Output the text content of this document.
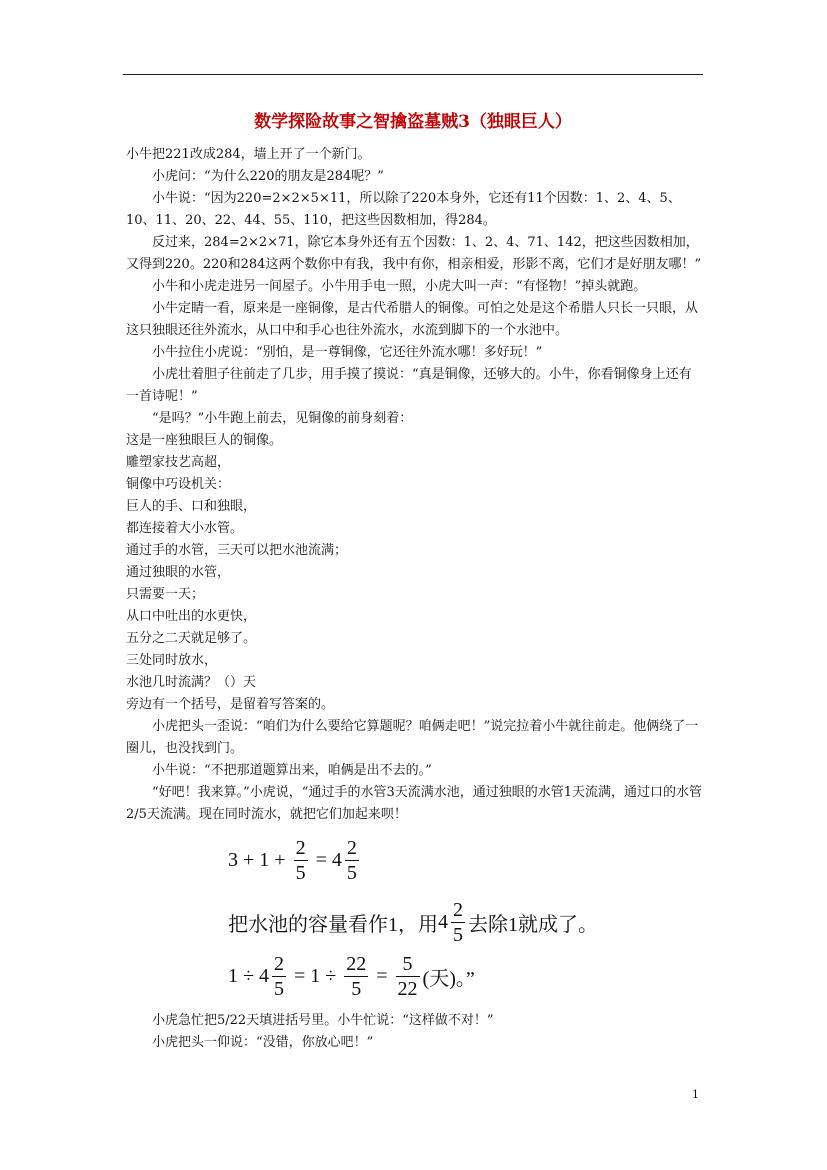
数学探险故事之智擒盗墓贼3（独眼巨人）

小牛把221改成284，墙上开了一个新门。

小虎问：“为什么220的朋友是284呢？”

小牛说：“因为220=2×2×5×11，所以除了220本身外，它还有11个因数：1、2、4、5、10、11、20、22、44、55、110，把这些因数相加，得284。

反过来，284=2×2×71，除它本身外还有五个因数：1、2、4、71、142，把这些因数相加，又得到220。220和284这两个数你中有我，我中有你，相亲相爱，形影不离，它们才是好朋友哪！”

小牛和小虎走进另一间屋子。小牛用手电一照，小虎大叫一声：“有怪物！”掉头就跑。

小牛定睛一看，原来是一座铜像，是古代希腊人的铜像。可怕之处是这个希腊人只长一只眼，从这只独眼还往外流水，从口中和手心也往外流水，水流到脚下的一个水池中。

小牛拉住小虎说：“别怕，是一尊铜像，它还往外流水哪！多好玩！”

小虎壮着胆子往前走了几步，用手摸了摸说：“真是铜像，还够大的。小牛，你看铜像身上还有一首诗呢！”

“是吗？”小牛跑上前去，见铜像的前身刻着：

这是一座独眼巨人的铜像。

雕塑家技艺高超，

铜像中巧设机关：

巨人的手、口和独眼，

都连接着大小水管。

通过手的水管，三天可以把水池流满；

通过独眼的水管，

只需要一天；

从口中吐出的水更快，

五分之二天就足够了。

三处同时放水，

水池几时流满？（）天

旁边有一个括号，是留着写答案的。

小虎把头一歪说：“咱们为什么要给它算题呢？咱俩走吧！”说完拉着小牛就往前走。他俩绕了一圈儿，也没找到门。

小牛说：“不把那道题算出来，咱俩是出不去的。”

“好吧！我来算。”小虎说，“通过手的水管3天流满水池，通过独眼的水管1天流满，通过口的水管2/5天流满。现在同时流水，就把它们加起来呗！

$3 + 1 + \frac{2}{5} = 4 \frac{2}{5}$
把水池的容量看作1，用 $4 \frac{2}{5}$ 去除1就成了。
$1 \div 4 \frac{2}{5} = 1 \div \frac{22}{5} = \frac{5}{22}$ (天) 。”

小虎急忙把5/22天填进括号里。小牛忙说：“这样做不对！”

小虎把头一仰说：“没错，你放心吧！”

1
